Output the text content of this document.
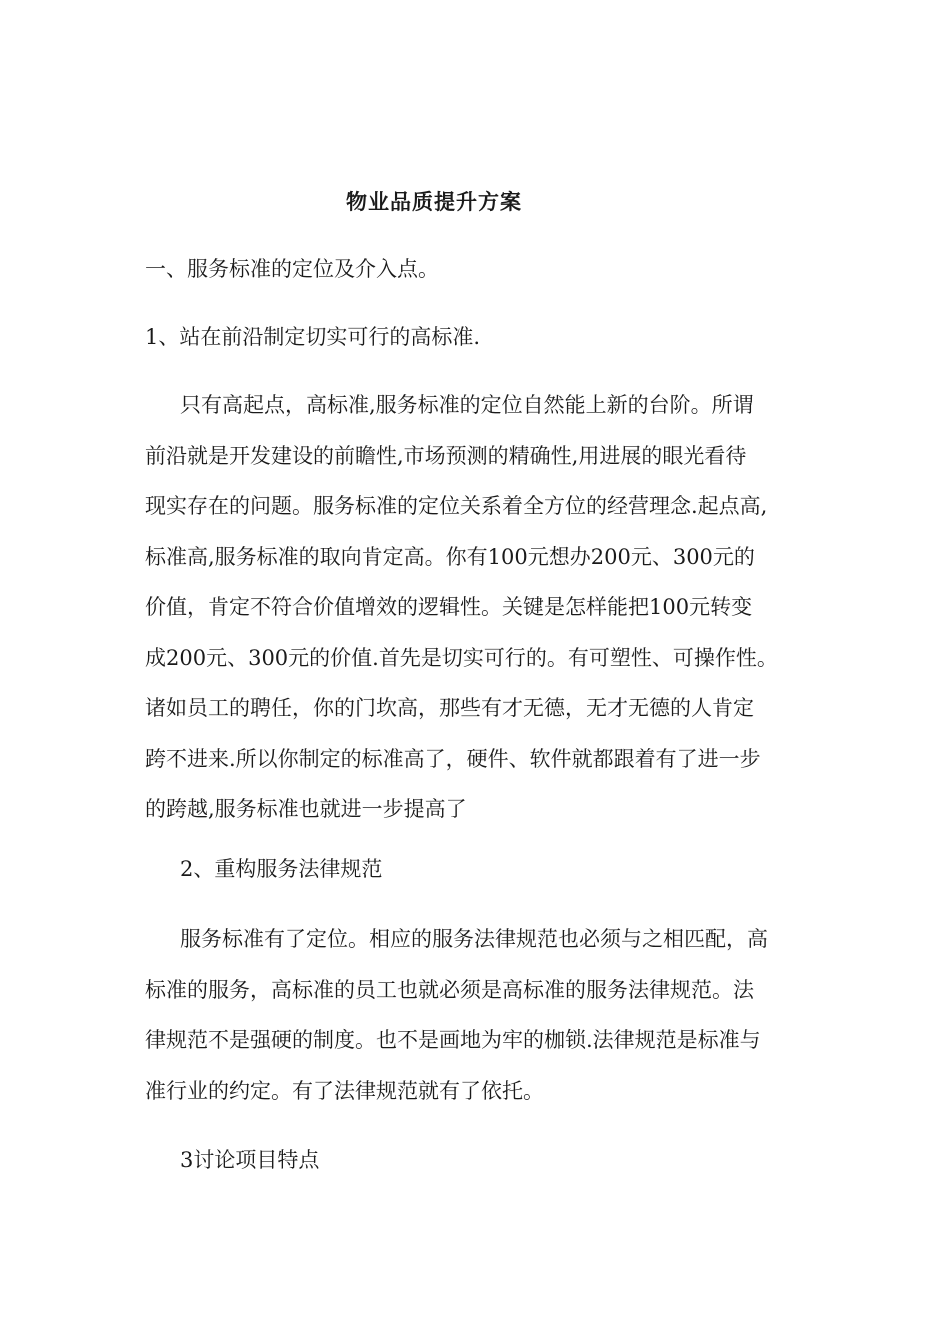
物业品质提升方案
一、服务标准的定位及介入点。
1、站在前沿制定切实可行的高标准.
只有高起点，高标准,服务标准的定位自然能上新的台阶。所谓
前沿就是开发建设的前瞻性,市场预测的精确性,用进展的眼光看待
现实存在的问题。服务标准的定位关系着全方位的经营理念.起点高,
标准高,服务标准的取向肯定高。你有100元想办200元、300元的
价值，肯定不符合价值增效的逻辑性。关键是怎样能把100元转变
成200元、300元的价值.首先是切实可行的。有可塑性、可操作性。
诸如员工的聘任，你的门坎高，那些有才无德，无才无德的人肯定
跨不进来.所以你制定的标准高了，硬件、软件就都跟着有了进一步
的跨越,服务标准也就进一步提高了
2、重构服务法律规范
服务标准有了定位。相应的服务法律规范也必须与之相匹配，高
标准的服务，高标准的员工也就必须是高标准的服务法律规范。法
律规范不是强硬的制度。也不是画地为牢的枷锁.法律规范是标准与
准行业的约定。有了法律规范就有了依托。
3讨论项目特点
